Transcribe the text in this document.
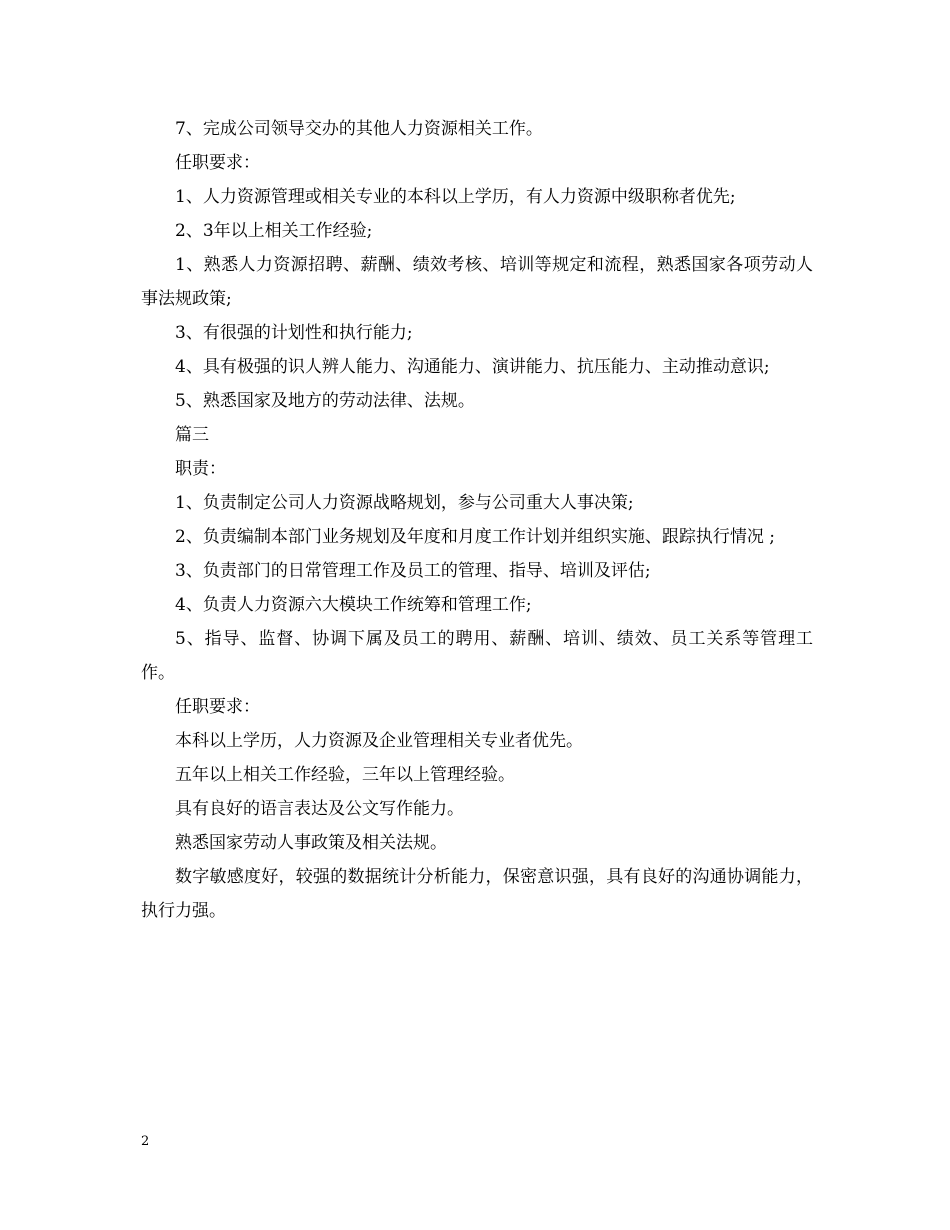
7、完成公司领导交办的其他人力资源相关工作。

任职要求：

1、人力资源管理或相关专业的本科以上学历，有人力资源中级职称者优先;

2、3年以上相关工作经验;

1、熟悉人力资源招聘、薪酬、绩效考核、培训等规定和流程，熟悉国家各项劳动人事法规政策;

3、有很强的计划性和执行能力;

4、具有极强的识人辨人能力、沟通能力、演讲能力、抗压能力、主动推动意识;

5、熟悉国家及地方的劳动法律、法规。

篇三

职责：

1、负责制定公司人力资源战略规划，参与公司重大人事决策;

2、负责编制本部门业务规划及年度和月度工作计划并组织实施、跟踪执行情况 ;

3、负责部门的日常管理工作及员工的管理、指导、培训及评估;

4、负责人力资源六大模块工作统筹和管理工作;

5、指导、监督、协调下属及员工的聘用、薪酬、培训、绩效、员工关系等管理工作。

任职要求：

本科以上学历，人力资源及企业管理相关专业者优先。

五年以上相关工作经验，三年以上管理经验。

具有良好的语言表达及公文写作能力。

熟悉国家劳动人事政策及相关法规。

数字敏感度好，较强的数据统计分析能力，保密意识强，具有良好的沟通协调能力，执行力强。

2
